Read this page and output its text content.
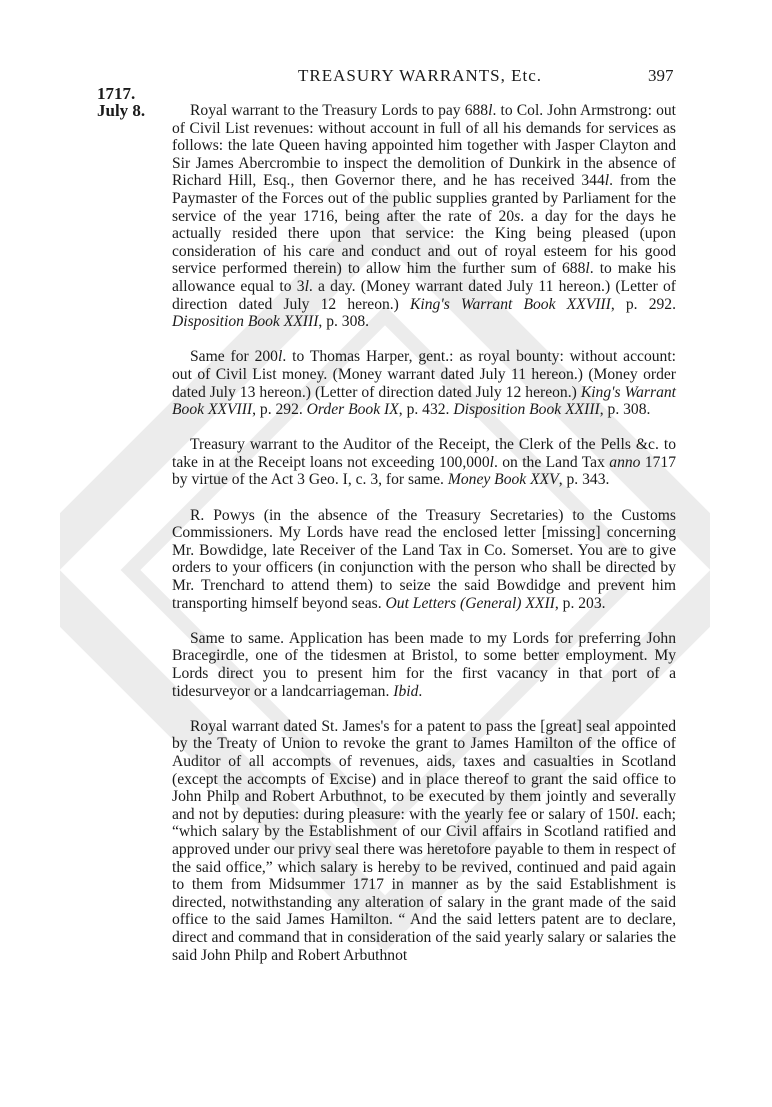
TREASURY WARRANTS, Etc.	397
1717.
July 8.	Royal warrant to the Treasury Lords to pay 688l. to Col. John Armstrong: out of Civil List revenues: without account in full of all his demands for services as follows: the late Queen having appointed him together with Jasper Clayton and Sir James Abercrombie to inspect the demolition of Dunkirk in the absence of Richard Hill, Esq., then Governor there, and he has received 344l. from the Paymaster of the Forces out of the public supplies granted by Parliament for the service of the year 1716, being after the rate of 20s. a day for the days he actually resided there upon that service: the King being pleased (upon consideration of his care and conduct and out of royal esteem for his good service performed therein) to allow him the further sum of 688l. to make his allowance equal to 3l. a day. (Money warrant dated July 11 hereon.) (Letter of direction dated July 12 hereon.) King's Warrant Book XXVIII, p. 292. Disposition Book XXIII, p. 308.

Same for 200l. to Thomas Harper, gent.: as royal bounty: without account: out of Civil List money. (Money warrant dated July 11 hereon.) (Money order dated July 13 hereon.) (Letter of direction dated July 12 hereon.) King's Warrant Book XXVIII, p. 292. Order Book IX, p. 432. Disposition Book XXIII, p. 308.

Treasury warrant to the Auditor of the Receipt, the Clerk of the Pells &c. to take in at the Receipt loans not exceeding 100,000l. on the Land Tax anno 1717 by virtue of the Act 3 Geo. I, c. 3, for same. Money Book XXV, p. 343.

R. Powys (in the absence of the Treasury Secretaries) to the Customs Commissioners. My Lords have read the enclosed letter [missing] concerning Mr. Bowdidge, late Receiver of the Land Tax in Co. Somerset. You are to give orders to your officers (in conjunction with the person who shall be directed by Mr. Trenchard to attend them) to seize the said Bowdidge and prevent him transporting himself beyond seas. Out Letters (General) XXII, p. 203.

Same to same. Application has been made to my Lords for preferring John Bracegirdle, one of the tidesmen at Bristol, to some better employment. My Lords direct you to present him for the first vacancy in that port of a tidesurveyor or a landcarriageman. Ibid.

Royal warrant dated St. James's for a patent to pass the [great] seal appointed by the Treaty of Union to revoke the grant to James Hamilton of the office of Auditor of all accompts of revenues, aids, taxes and casualties in Scotland (except the accompts of Excise) and in place thereof to grant the said office to John Philp and Robert Arbuthnot, to be executed by them jointly and severally and not by deputies: during pleasure: with the yearly fee or salary of 150l. each; “which salary by the Establishment of our Civil affairs in Scotland ratified and approved under our privy seal there was heretofore payable to them in respect of the said office,” which salary is hereby to be revived, continued and paid again to them from Midsummer 1717 in manner as by the said Establishment is directed, notwithstanding any alteration of salary in the grant made of the said office to the said James Hamilton. “ And the said letters patent are to declare, direct and command that in consideration of the said yearly salary or salaries the said John Philp and Robert Arbuthnot
